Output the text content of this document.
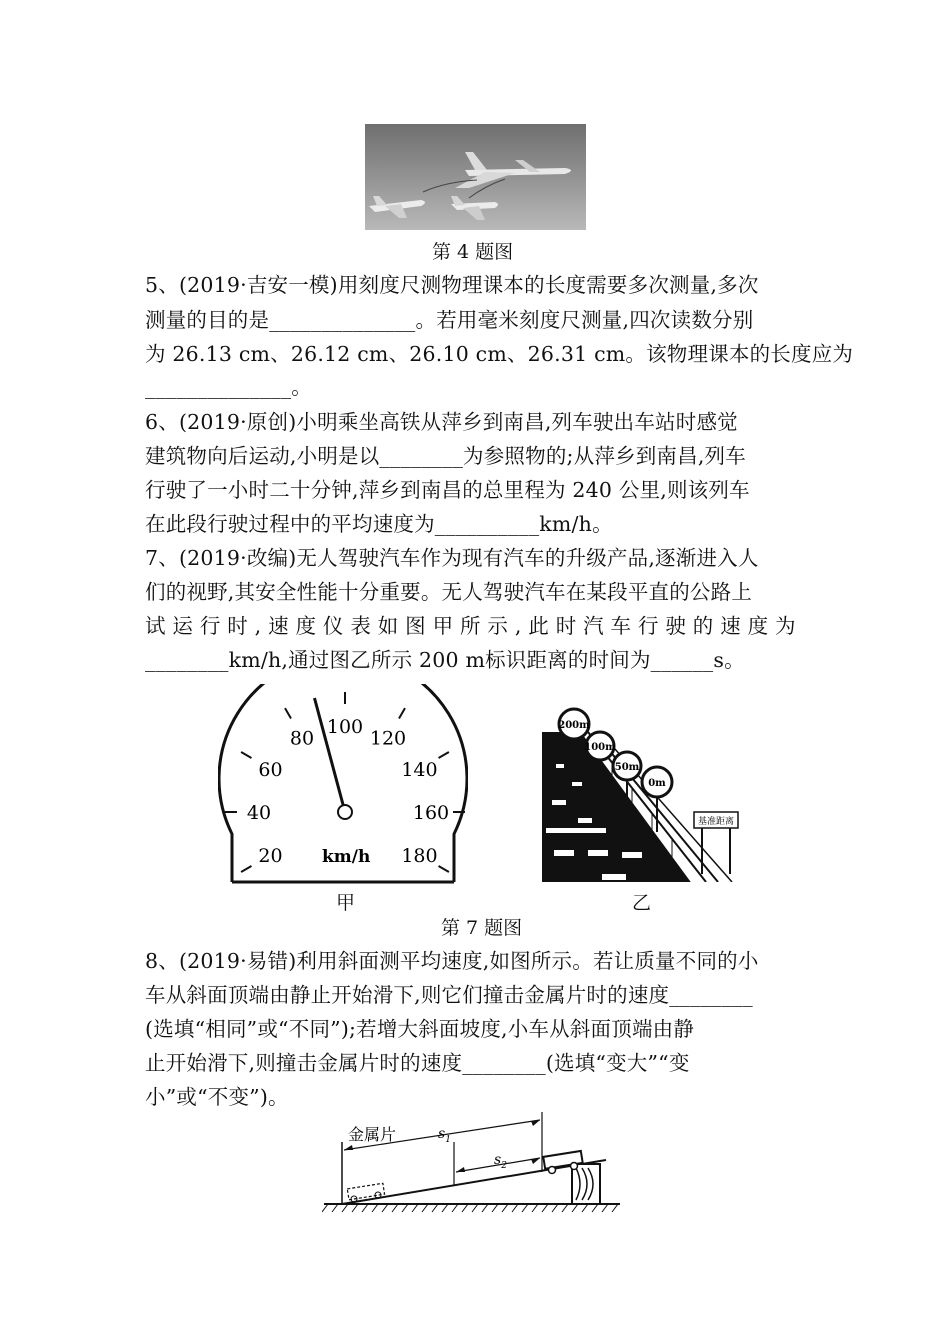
第 4 题图
5、(2019·吉安一模)用刻度尺测物理课本的长度需要多次测量,多次
测量的目的是______________。若用毫米刻度尺测量,四次读数分别
为 26.13 cm、26.12 cm、26.10 cm、26.31 cm。该物理课本的长度应为
______________。
6、(2019·原创)小明乘坐高铁从萍乡到南昌,列车驶出车站时感觉
建筑物向后运动,小明是以________为参照物的;从萍乡到南昌,列车
行驶了一小时二十分钟,萍乡到南昌的总里程为 240 公里,则该列车
在此段行驶过程中的平均速度为__________km/h。
7、(2019·改编)无人驾驶汽车作为现有汽车的升级产品,逐渐进入人
们的视野,其安全性能十分重要。无人驾驶汽车在某段平直的公路上
试 运 行 时 , 速 度 仪 表 如 图 甲 所 示 , 此 时 汽 车 行 驶 的 速 度 为
________km/h,通过图乙所示 200 m标识距离的时间为______s。
20
40
60
80
100
120
140
160
180
km/h
甲
200m
100m
50m
0m
基准距离
乙
第 7 题图
8、(2019·易错)利用斜面测平均速度,如图所示。若让质量不同的小
车从斜面顶端由静止开始滑下,则它们撞击金属片时的速度________
(选填“相同”或“不同”);若增大斜面坡度,小车从斜面顶端由静
止开始滑下,则撞击金属片时的速度________(选填“变大”“变
小”或“不变”)。
金属片	$s_1$
$s_2$
